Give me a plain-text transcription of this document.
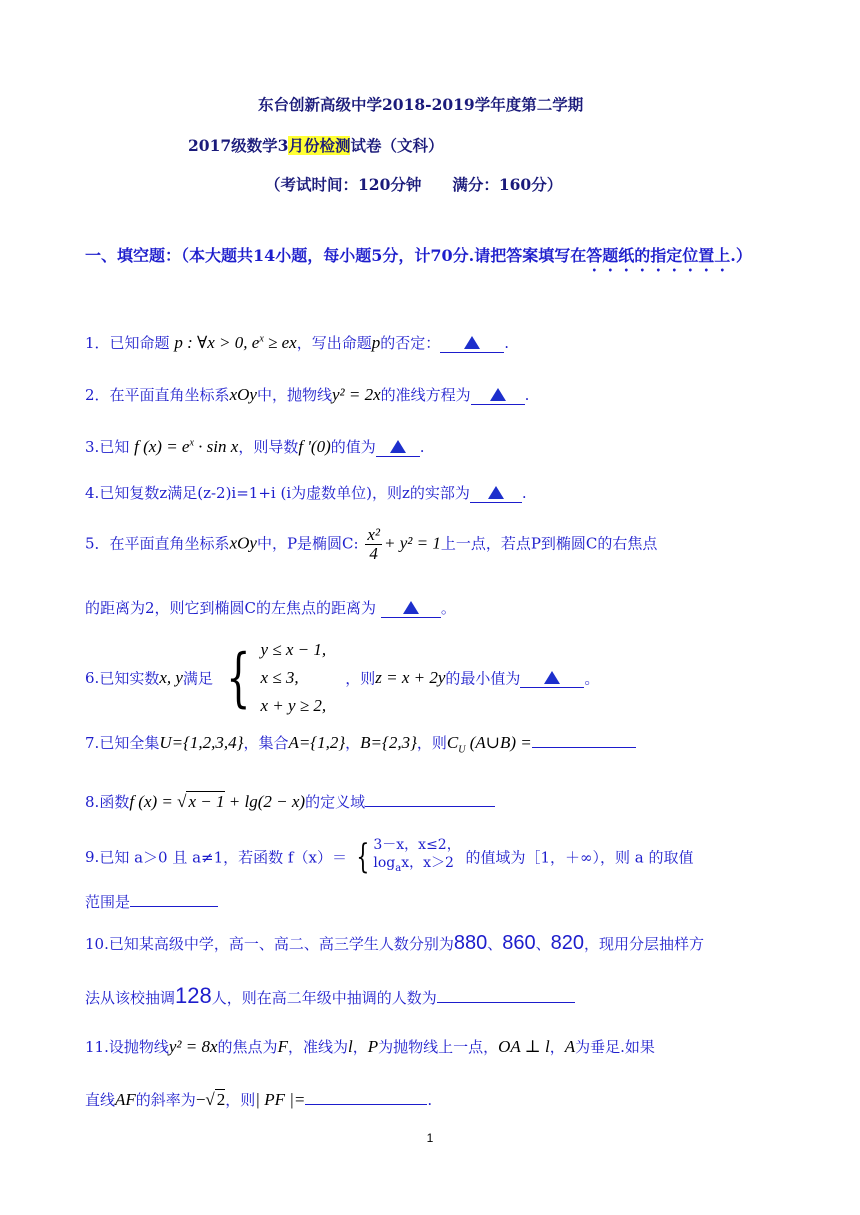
东台创新高级中学2018-2019学年度第二学期
2017级数学3月份检测试卷（文科）
（考试时间：120分钟　　满分：160分）
一、填空题：（本大题共14小题，每小题5分，计70分.请把答案填写在答题纸的指定位置上.）
1．已知命题 p : ∀x > 0, $e^x$ ≥ ex，写出命题p的否定：	.
2．在平面直角坐标系xOy中，抛物线y² = 2x的准线方程为	.
3.已知 f $(x) = e^x \cdot \sin x$，则导数f '(0)的值为	.
4.已知复数z满足(z-2)i=1+i (i为虚数单位)，则z的实部为	.
5．在平面直角坐标系xOy中，P是椭圆C: $\frac{\text{x²}}{4} + y^2 = 1$上一点，若点P到椭圆C的右焦点
的距离为2，则它到椭圆C的左焦点的距离为	。
6.已知实数x, y满足 { y ≤ x − 1,
x ≤ 3,
x + y ≥ 2,
，则z = x + 2y的最小值为	。
7.已知全集U={1,2,3,4}，集合A={1,2}，B={2,3}，则$C_U$ (A∪B) =
8.函数f (x) = √ x − 1 + lg(2 − x)的定义域
9.已知 a＞0 且 a≠1，若函数 f（x）＝ { 3－x，x≤2，
$\log_ax$，x＞2 的值域为［1，＋∞），则 a 的取值
范围是
10.已知某高级中学，高一、高二、高三学生人数分别为880、860、820，现用分层抽样方
法从该校抽调128人，则在高二年级中抽调的人数为
11.设抛物线y² = 8x的焦点为F，准线为l，P为抛物线上一点，OA ⊥ l，A为垂足.如果
直线AF的斜率为−√ 2，则| PF |=	.
1
